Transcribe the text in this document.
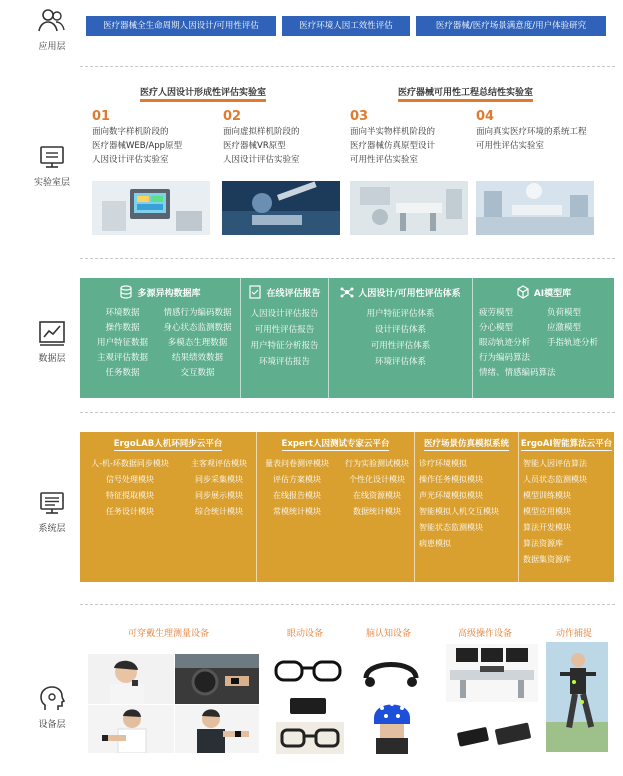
应用层
实验室层
数据层
系统层
设备层
医疗器械全生命周期人因设计/可用性评估	医疗环境人因工效性评估	医疗器械/医疗场景满意度/用户体验研究
医疗人因设计形成性评估实验室	医疗器械可用性工程总结性实验室
01
面向数字样机阶段的
医疗器械WEB/App原型
人因设计评估实验室
02
面向虚拟样机阶段的
医疗器械VR原型
人因设计评估实验室
03
面向半实物样机阶段的
医疗器械仿真原型设计
可用性评估实验室
04
面向真实医疗环境的系统工程
可用性评估实验室
多源异构数据库
环境数据	情感行为编码数据
操作数据	身心状态监测数据
用户特征数据	多模态生理数据
主观评估数据	结果绩效数据
任务数据	交互数据
在线评估报告
人因设计评估报告
可用性评估报告
用户特征分析报告
环境评估报告
人因设计/可用性评估体系
用户特征评估体系
设计评估体系
可用性评估体系
环境评估体系
AI模型库
疲劳模型	负荷模型
分心模型	应激模型
眼动轨迹分析	手指轨迹分析
行为编码算法
情绪、情感编码算法
ErgoLAB人机环同步云平台
人-机-环数据同步模块	主客观评估模块
信号处理模块	同步采集模块
特征提取模块	同步展示模块
任务设计模块	综合统计模块
Expert人因测试专家云平台
量表问卷测评模块	行为实验测试模块
评估方案模块	个性化设计模块
在线报告模块	在线资源模块
常模统计模块	数据统计模块
医疗场景仿真模拟系统
诊疗环境模拟
操作任务模拟模块
声光环境模拟模块
智能模拟人机交互模块
智能状态监测模块
病患模拟
ErgoAI智能算法云平台
智能人因评估算法
人员状态监测模块
模型训练模块
模型应用模块
算法开发模块
算法资源库
数据集资源库
可穿戴生理测量设备	眼动设备	脑认知设备	高级操作设备	动作捕捉
